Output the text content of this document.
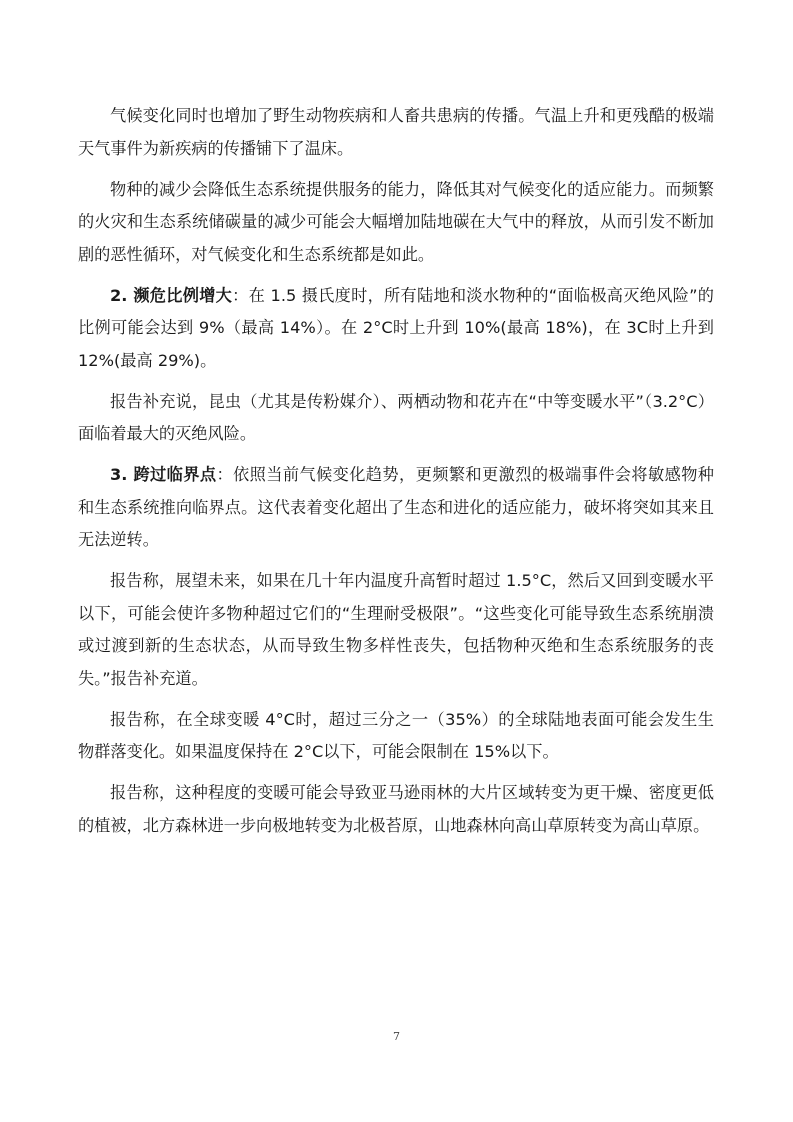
气候变化同时也增加了野生动物疾病和人畜共患病的传播。气温上升和更残酷的极端天气事件为新疾病的传播铺下了温床。

物种的减少会降低生态系统提供服务的能力，降低其对气候变化的适应能力。而频繁的火灾和生态系统储碳量的减少可能会大幅增加陆地碳在大气中的释放，从而引发不断加剧的恶性循环，对气候变化和生态系统都是如此。

2. 濒危比例增大：在 1.5 摄氏度时，所有陆地和淡水物种的“面临极高灭绝风险”的比例可能会达到 9%（最高 14%）。在 2°C时上升到 10%(最高 18%)，在 3C时上升到 12%(最高 29%)。

报告补充说，昆虫（尤其是传粉媒介）、两栖动物和花卉在“中等变暖水平”（3.2°C）面临着最大的灭绝风险。

3. 跨过临界点：依照当前气候变化趋势，更频繁和更激烈的极端事件会将敏感物种和生态系统推向临界点。这代表着变化超出了生态和进化的适应能力，破坏将突如其来且无法逆转。

报告称，展望未来，如果在几十年内温度升高暂时超过 1.5°C，然后又回到变暖水平以下，可能会使许多物种超过它们的“生理耐受极限”。“这些变化可能导致生态系统崩溃或过渡到新的生态状态，从而导致生物多样性丧失，包括物种灭绝和生态系统服务的丧失。”报告补充道。

报告称，在全球变暖 4°C时，超过三分之一（35%）的全球陆地表面可能会发生生物群落变化。如果温度保持在 2°C以下，可能会限制在 15%以下。

报告称，这种程度的变暖可能会导致亚马逊雨林的大片区域转变为更干燥、密度更低的植被，北方森林进一步向极地转变为北极苔原，山地森林向高山草原转变为高山草原。

7
